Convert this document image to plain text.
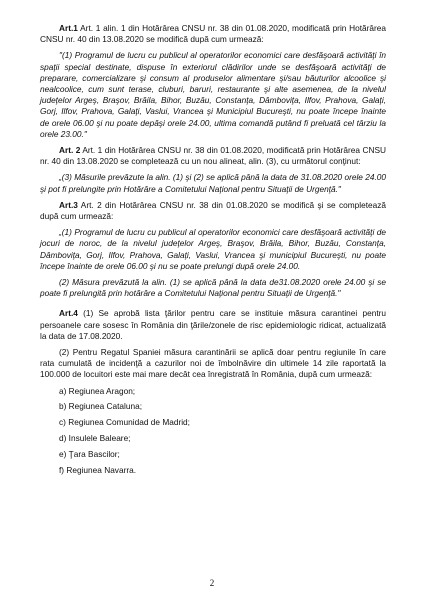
Art.1 Art. 1 alin. 1 din Hotărârea CNSU nr. 38 din 01.08.2020, modificată prin Hotărârea CNSU nr. 40 din 13.08.2020 se modifică după cum urmează:

"(1) Programul de lucru cu publicul al operatorilor economici care desfăşoară activităţi în spaţii special destinate, dispuse în exteriorul clădirilor unde se desfăşoară activităţi de preparare, comercializare şi consum al produselor alimentare şi/sau băuturilor alcoolice şi nealcoolice, cum sunt terase, cluburi, baruri, restaurante şi alte asemenea, de la nivelul judeţelor Argeş, Braşov, Brăila, Bihor, Buzău, Constanţa, Dâmboviţa, Ilfov, Prahova, Galaţi, Gorj, Ilfov, Prahova, Galaţi, Vaslui, Vrancea şi Municipiul Bucureşti, nu poate începe înainte de orele 06.00 şi nu poate depăşi orele 24.00, ultima comandă putând fi preluată cel târziu la orele 23.00."

Art. 2 Art. 1 din Hotărârea CNSU nr. 38 din 01.08.2020, modificată prin Hotărârea CNSU nr. 40 din 13.08.2020 se completează cu un nou alineat, alin. (3), cu următorul conţinut:

„(3) Măsurile prevăzute la alin. (1) şi (2) se aplică până la data de 31.08.2020 orele 24.00 şi pot fi prelungite prin Hotărâre a Comitetului Naţional pentru Situaţii de Urgenţă."

Art.3 Art. 2 din Hotărârea CNSU nr. 38 din 01.08.2020 se modifică şi se completează după cum urmează:

„(1) Programul de lucru cu publicul al operatorilor economici care desfăşoară activităţi de jocuri de noroc, de la nivelul judeţelor Argeş, Braşov, Brăila, Bihor, Buzău, Constanţa, Dâmboviţa, Gorj, Ilfov, Prahova, Galaţi, Vaslui, Vrancea şi municipiul Bucureşti, nu poate începe înainte de orele 06.00 şi nu se poate prelungi după orele 24.00.

(2) Măsura prevăzută la alin. (1) se aplică până la data de31.08.2020 orele 24.00 şi se poate fi prelungită prin hotărâre a Comitetului Naţional pentru Situaţii de Urgenţă."

Art.4 (1) Se aprobă lista ţărilor pentru care se instituie măsura carantinei pentru persoanele care sosesc în România din ţările/zonele de risc epidemiologic ridicat, actualizată la data de 17.08.2020.

(2) Pentru Regatul Spaniei măsura carantinării se aplică doar pentru regiunile în care rata cumulată de incidenţă a cazurilor noi de îmbolnăvire din ultimele 14 zile raportată la 100.000 de locuitori este mai mare decât cea înregistrată în România, după cum urmează:

a) Regiunea Aragon;
b) Regiunea Cataluna;
c) Regiunea Comunidad de Madrid;
d) Insulele Baleare;
e) Ţara Bascilor;
f) Regiunea Navarra.
2
